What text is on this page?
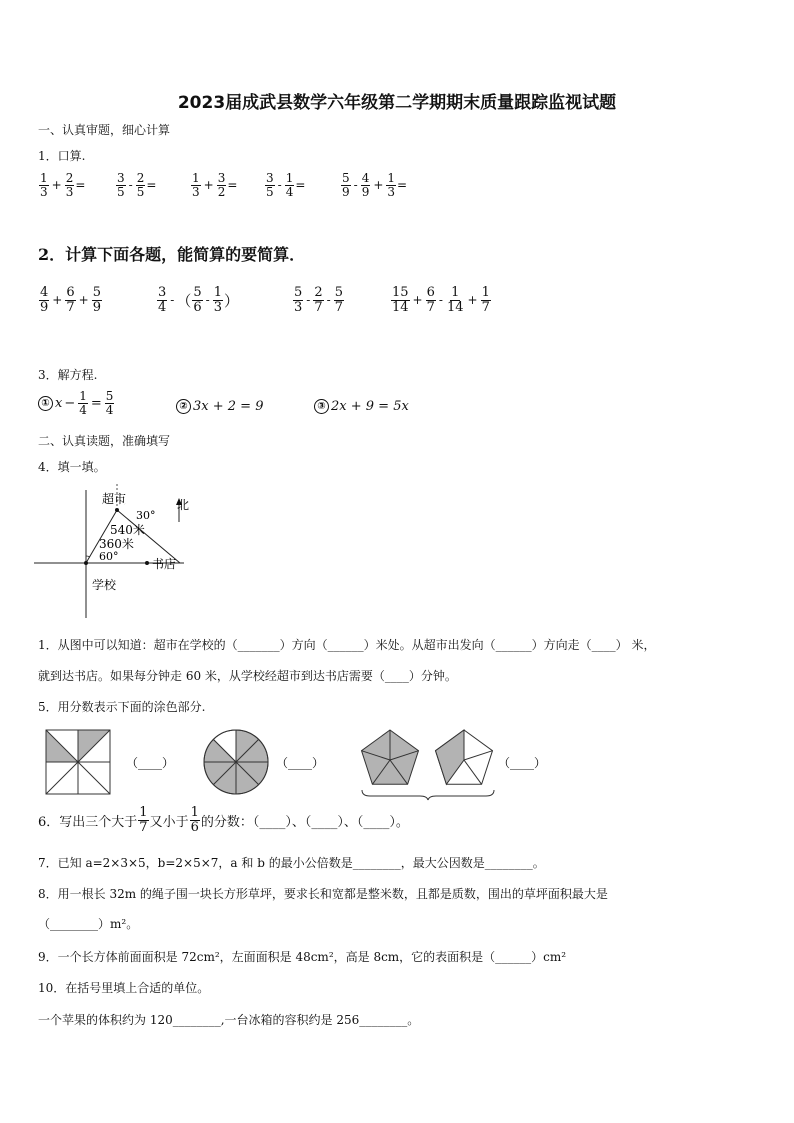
2023届成武县数学六年级第二学期期末质量跟踪监视试题
一、认真审题，细心计算
1．口算.
$\frac{1}{3} + \frac{2}{3}$ =	$\frac{3}{5} - \frac{2}{5}$ =	$\frac{1}{3} + \frac{3}{2} = \frac{3}{5} - \frac{1}{4}$ =	$\frac{5}{9} - \frac{4}{9} + \frac{1}{3}$ =
2．计算下面各题，能简算的要简算．
$\frac{4}{9} + \frac{6}{7} + \frac{5}{9}$	$\frac{3}{4}$ - （ $\frac{5}{6} - \frac{1}{3}$ ）	$\frac{5}{3} - \frac{2}{7} - \frac{5}{7}$	$\frac{15}{14} + \frac{6}{7} - \frac{1}{14} + \frac{1}{7}$
3．解方程.
① $x - \frac{1}{4} = \frac{5}{4}$	② 3x + 2 = 9	③ 2x + 9 = 5x
二、认真读题，准确填写
4．填一填。
超市	北
30°
540米
360米
60°
书店
学校
1．从图中可以知道：超市在学校的（_______）方向（______）米处。从超市出发向（______）方向走（____） 米，
就到达书店。如果每分钟走 60 米，从学校经超市到达书店需要（____）分钟。
5．用分数表示下面的涂色部分.
（____）	（____）	（____）
6．写出三个大于 $\frac{1}{7}$ 又小于 $\frac{1}{6}$ 的分数：（____）、（____）、（____）。
7．已知 a=2×3×5，b=2×5×7，a 和 b 的最小公倍数是________，最大公因数是________。
8．用一根长 32m 的绳子围一块长方形草坪，要求长和宽都是整米数，且都是质数，围出的草坪面积最大是
（________）m²。
9．一个长方体前面面积是 72cm²，左面面积是 48cm²，高是 8cm，它的表面积是（______）cm²
10．在括号里填上合适的单位。
一个苹果的体积约为 120________,一台冰箱的容积约是 256________。
